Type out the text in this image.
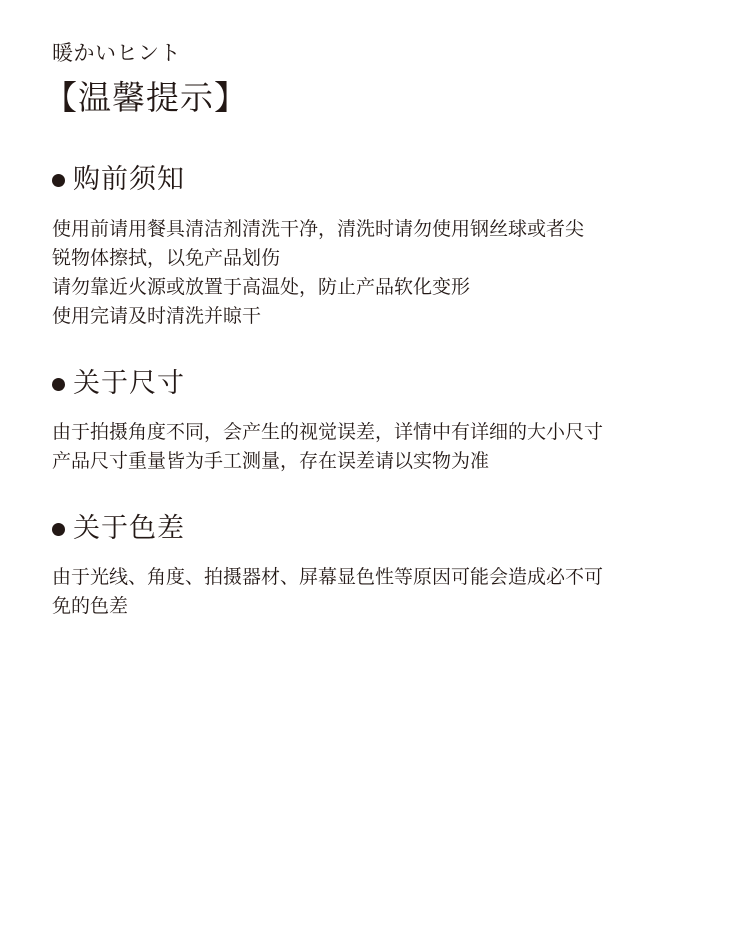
暖かいヒント
【温馨提示】
购前须知
使用前请用餐具清洁剂清洗干净，清洗时请勿使用钢丝球或者尖
锐物体擦拭，以免产品划伤
请勿靠近火源或放置于高温处，防止产品软化变形
使用完请及时清洗并晾干
关于尺寸
由于拍摄角度不同，会产生的视觉误差，详情中有详细的大小尺寸
产品尺寸重量皆为手工测量，存在误差请以实物为准
关于色差
由于光线、角度、拍摄器材、屏幕显色性等原因可能会造成必不可
免的色差
